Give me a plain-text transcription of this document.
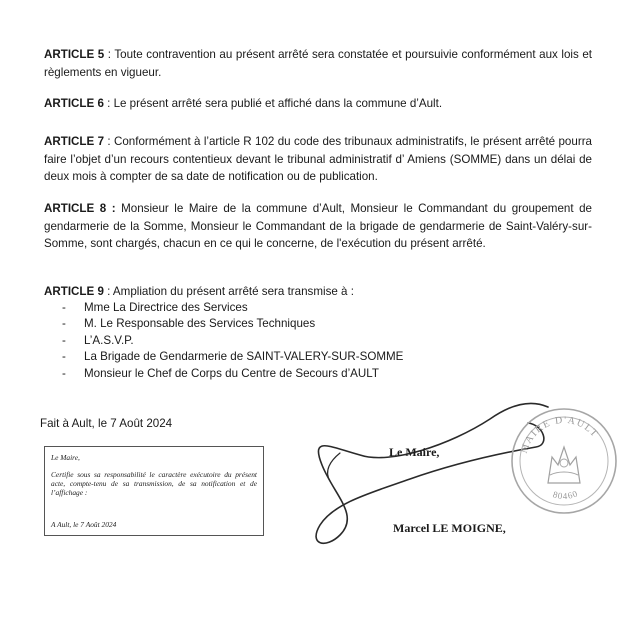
ARTICLE 5 : Toute contravention au présent arrêté sera constatée et poursuivie conformément aux lois et règlements en vigueur.

ARTICLE 6 : Le présent arrêté sera publié et affiché dans la commune d’Ault.

ARTICLE 7 : Conformément à l’article R 102 du code des tribunaux administratifs, le présent arrêté pourra faire l’objet d’un recours contentieux devant le tribunal administratif d’ Amiens (SOMME) dans un délai de deux mois à compter de sa date de notification ou de publication.

ARTICLE 8 : Monsieur le Maire de la commune d’Ault, Monsieur le Commandant du groupement de gendarmerie de la Somme, Monsieur le Commandant de la brigade de gendarmerie de Saint-Valéry-sur-Somme, sont chargés, chacun en ce qui le concerne, de l'exécution du présent arrêté.

ARTICLE 9 : Ampliation du présent arrêté sera transmise à :

- Mme La Directrice des Services
- M. Le Responsable des Services Techniques
- L’A.S.V.P.
- La Brigade de Gendarmerie de SAINT-VALERY-SUR-SOMME
- Monsieur le Chef de Corps du Centre de Secours d’AULT

Fait à Ault, le 7 Août 2024

Le Maire,

Certifie sous sa responsabilité le caractère exécutoire du présent acte, compte-tenu de sa transmission, de sa notification et de l’affichage :

A Ault, le 7 Août 2024
MAIRE D'AULT
80460
Le Maire,
Marcel LE MOIGNE,
